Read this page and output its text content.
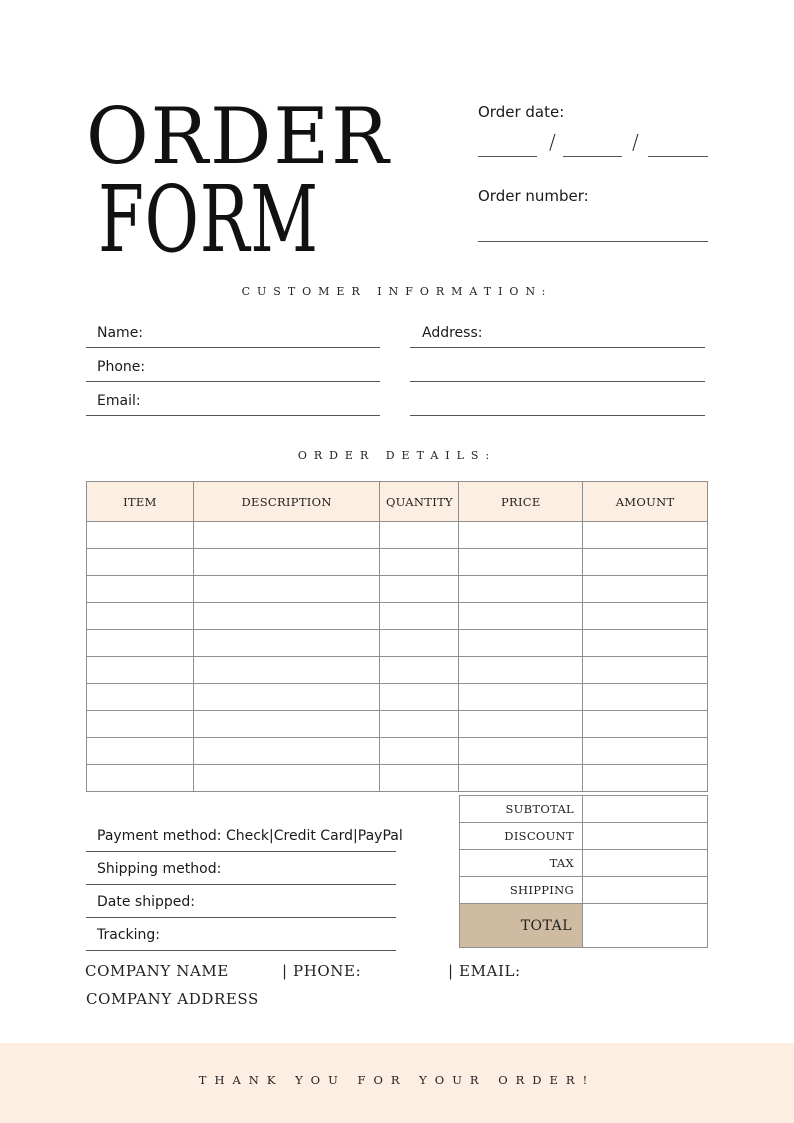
ORDER
FORM
Order date:
/	/
Order number:
CUSTOMER INFORMATION:
Name:
Phone:
Email:
Address:
ORDER DETAILS:
ITEM	DESCRIPTION	QUANTITY	PRICE	AMOUNT

SUBTOTAL	
DISCOUNT	
TAX	
SHIPPING	
TOTAL	
Payment method: Check|Credit Card|PayPal
Shipping method:
Date shipped:
Tracking:
COMPANY NAME	| PHONE:	| EMAIL:
COMPANY ADDRESS
THANK YOU FOR YOUR ORDER!
